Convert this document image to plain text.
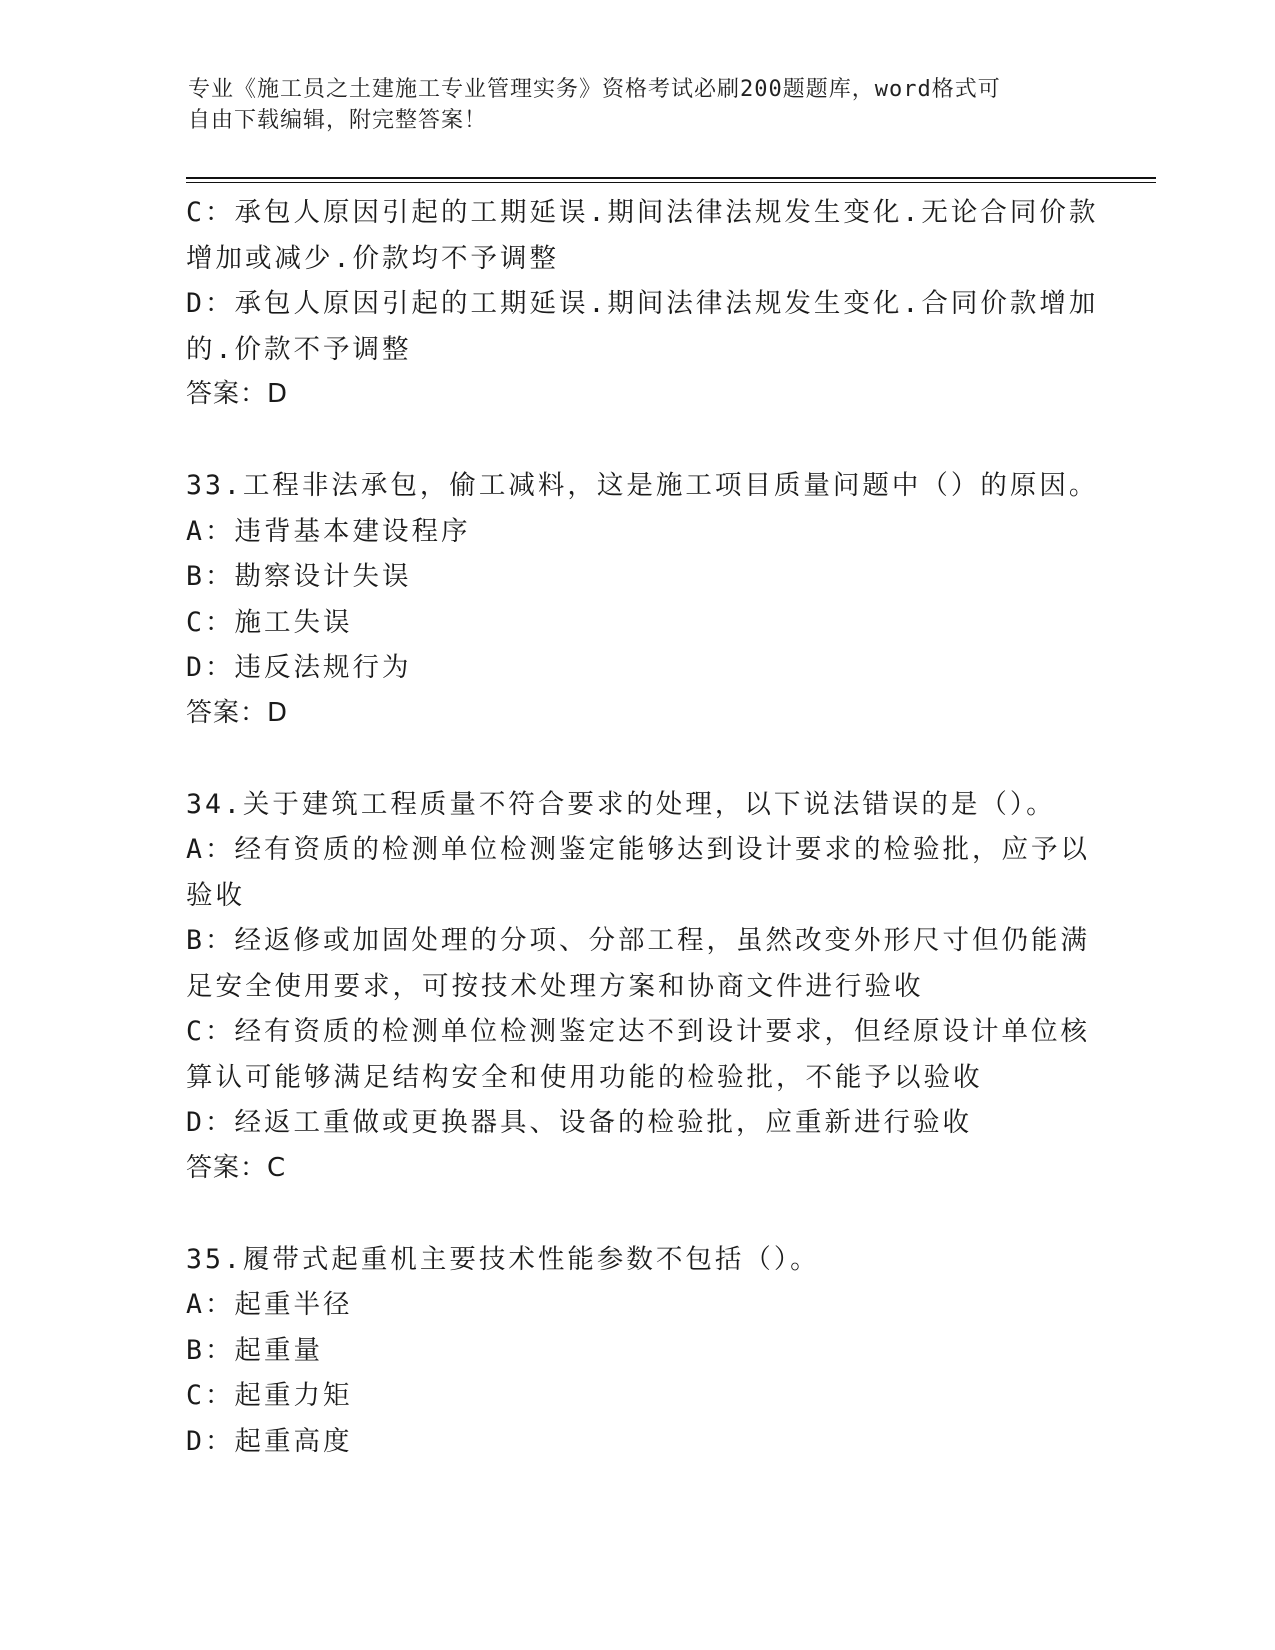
专业《施工员之土建施工专业管理实务》资格考试必刷200题题库，word格式可
自由下载编辑，附完整答案！
C：承包人原因引起的工期延误.期间法律法规发生变化.无论合同价款
增加或减少.价款均不予调整
D：承包人原因引起的工期延误.期间法律法规发生变化.合同价款增加
的.价款不予调整
答案：D
33.工程非法承包，偷工减料，这是施工项目质量问题中（）的原因。
A：违背基本建设程序
B：勘察设计失误
C：施工失误
D：违反法规行为
答案：D
34.关于建筑工程质量不符合要求的处理，以下说法错误的是（）。
A：经有资质的检测单位检测鉴定能够达到设计要求的检验批，应予以
验收
B：经返修或加固处理的分项、分部工程，虽然改变外形尺寸但仍能满
足安全使用要求，可按技术处理方案和协商文件进行验收
C：经有资质的检测单位检测鉴定达不到设计要求，但经原设计单位核
算认可能够满足结构安全和使用功能的检验批，不能予以验收
D：经返工重做或更换器具、设备的检验批，应重新进行验收
答案：C
35.履带式起重机主要技术性能参数不包括（）。
A：起重半径
B：起重量
C：起重力矩
D：起重高度
